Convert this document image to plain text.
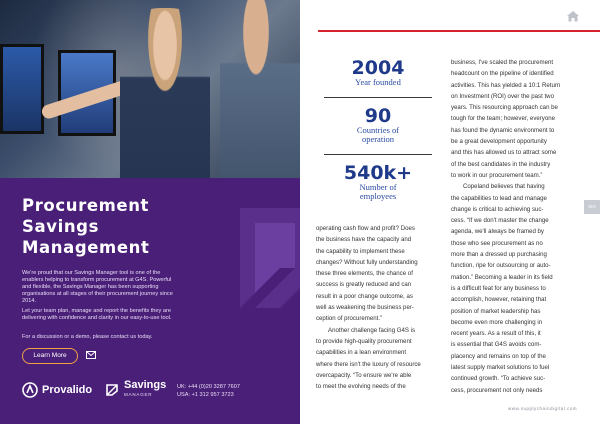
Procurement
Savings
Management
We're proud that our Savings Manager tool is one of the enablers helping to transform procurement at G4S. Powerful and flexible, the Savings Manager has been supporting organisations at all stages of their procurement journey since 2014.
Let your team plan, manage and report the benefits they are delivering with confidence and clarity in our easy-to-use tool.
For a discussion or a demo, please contact us today.
Learn More
Provalido	Savings
MANAGER
UK: +44 (0)20 3287 7607
USA: +1 312 957 3723
2004
Year founded
90
Countries of
operation
540k+
Number of
employees
SIG

operating cash flow and profit? Does

the business have the capacity and

the capability to implement these

changes? Without fully understanding

these three elements, the chance of

success is greatly reduced and can

result in a poor change outcome, as

well as weakening the business per-

ception of procurement.”

Another challenge facing G4S is

to provide high-quality procurement

capabilities in a lean environment

where there isn't the luxury of resource

overcapacity. “To ensure we're able

to meet the evolving needs of the

business, I've scaled the procurement

headcount on the pipeline of identified

activities. This has yielded a 10:1 Return

on Investment (ROI) over the past two

years. This resourcing approach can be

tough for the team; however, everyone

has found the dynamic environment to

be a great development opportunity

and this has allowed us to attract some

of the best candidates in the industry

to work in our procurement team.”

Copeland believes that having

the capabilities to lead and manage

change is critical to achieving suc-

cess. “If we don't master the change

agenda, we'll always be framed by

those who see procurement as no

more than a dressed up purchasing

function, ripe for outsourcing or auto-

mation.” Becoming a leader in its field

is a difficult feat for any business to

accomplish, however, retaining that

position of market leadership has

become even more challenging in

recent years. As a result of this, it

is essential that G4S avoids com-

placency and remains on top of the

latest supply market solutions to fuel

continued growth. “To achieve suc-

cess, procurement not only needs

www.supplychaindigital.com
